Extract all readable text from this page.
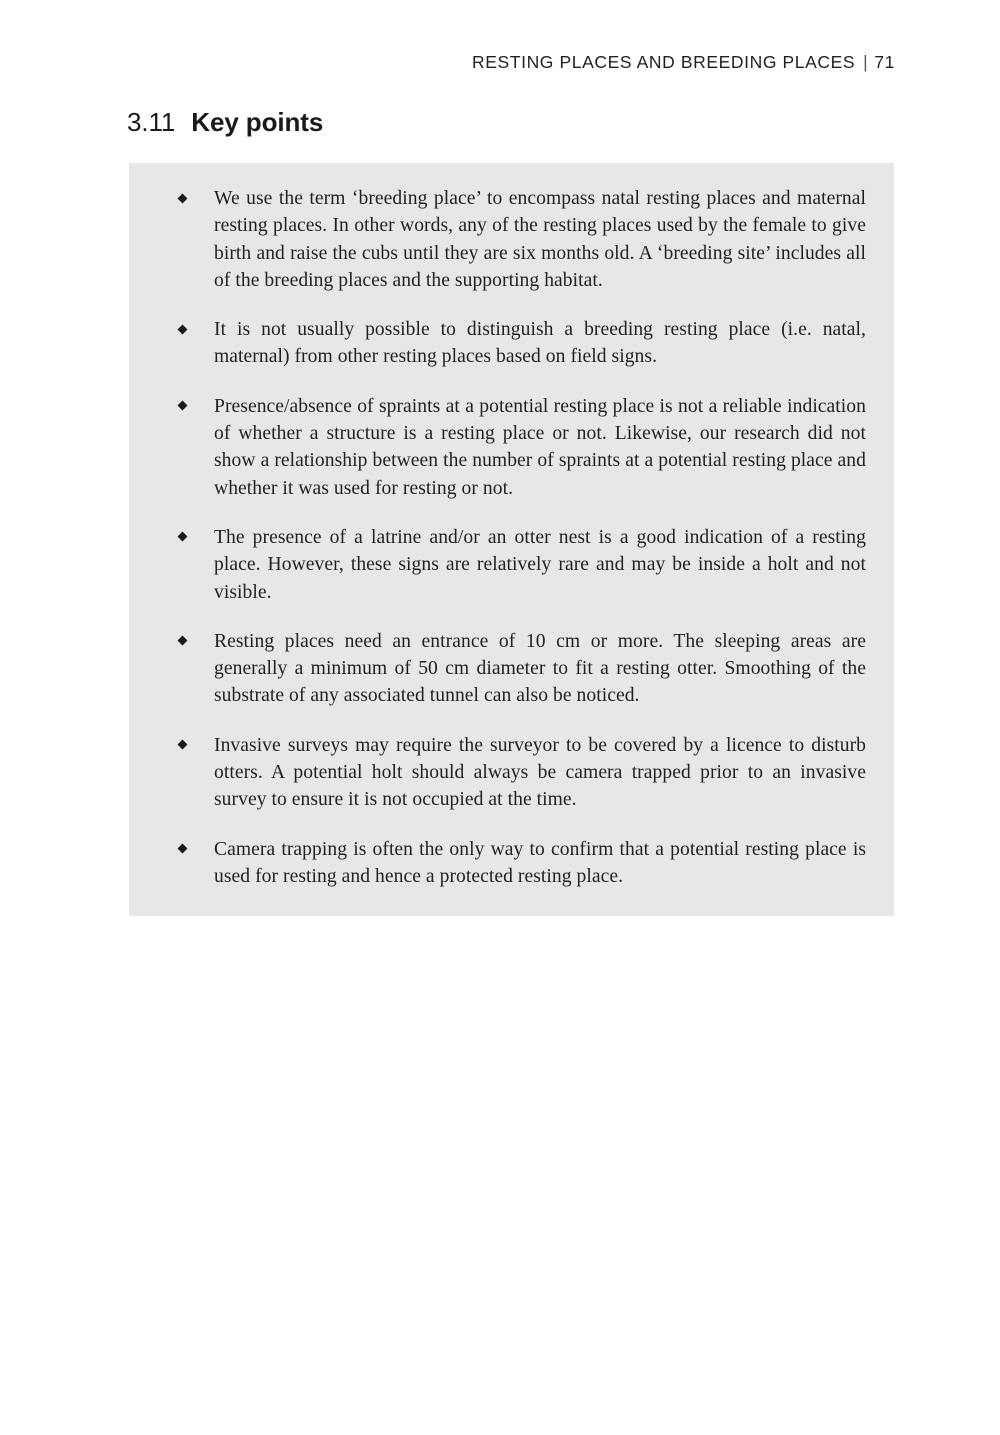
RESTING PLACES AND BREEDING PLACES | 71
3.11 Key points
We use the term ‘breeding place’ to encompass natal resting places and maternal resting places. In other words, any of the resting places used by the female to give birth and raise the cubs until they are six months old. A ‘breeding site’ includes all of the breeding places and the supporting habitat.
It is not usually possible to distinguish a breeding resting place (i.e. natal, maternal) from other resting places based on field signs.
Presence/absence of spraints at a potential resting place is not a reliable indication of whether a structure is a resting place or not. Likewise, our research did not show a relationship between the number of spraints at a potential resting place and whether it was used for resting or not.
The presence of a latrine and/or an otter nest is a good indication of a resting place. However, these signs are relatively rare and may be inside a holt and not visible.
Resting places need an entrance of 10 cm or more. The sleeping areas are generally a minimum of 50 cm diameter to fit a resting otter. Smoothing of the substrate of any associated tunnel can also be noticed.
Invasive surveys may require the surveyor to be covered by a licence to disturb otters. A potential holt should always be camera trapped prior to an invasive survey to ensure it is not occupied at the time.
Camera trapping is often the only way to confirm that a potential resting place is used for resting and hence a protected resting place.
